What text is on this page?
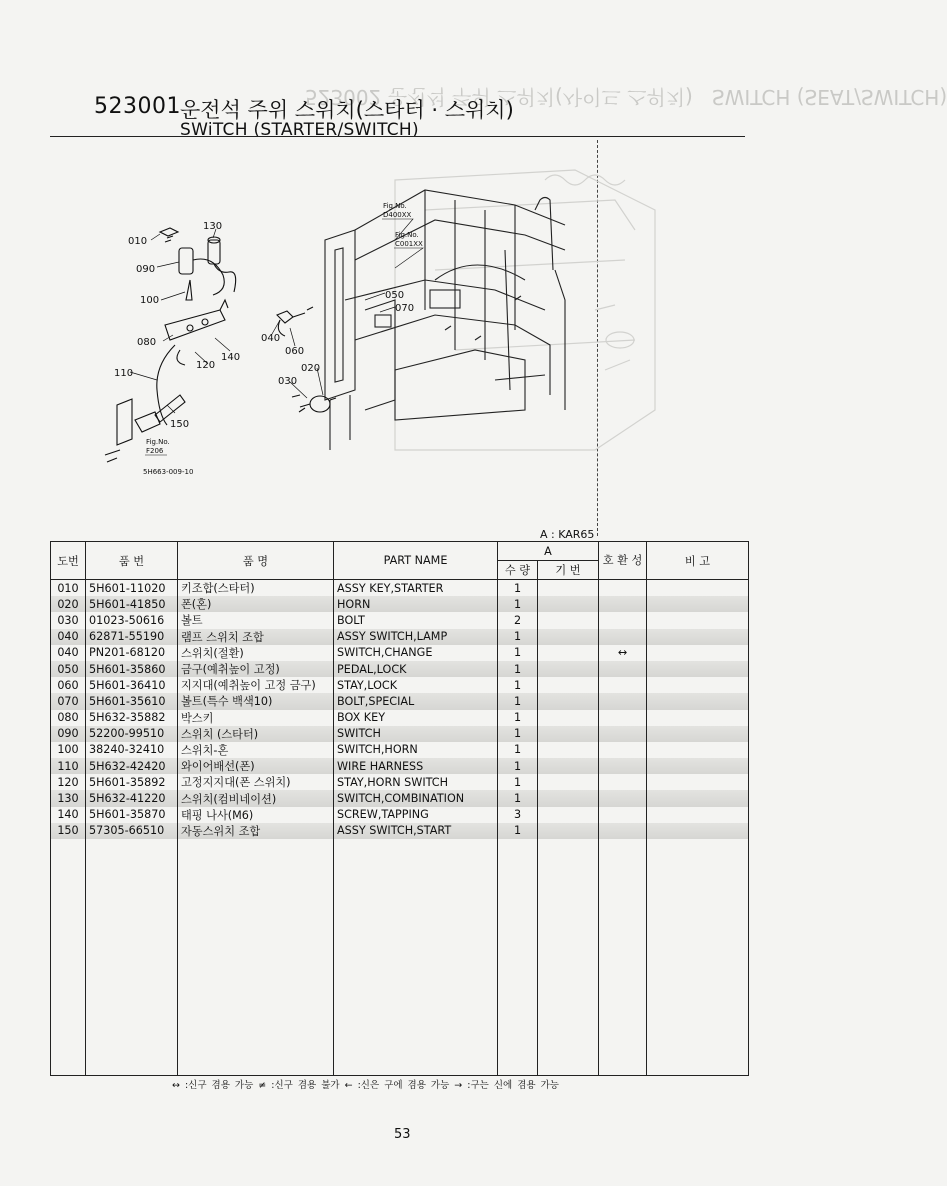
523002 운전석 주위 스위치(사이드 스위치)   SWITCH (SEAT/SWITCH)
523001 운전석 주위 스위치(스타터 · 스위치)
SWiTCH (STARTER/SWITCH)
010
130
090
100
080
140
120
110
150
050
070
040
060
020
030
Fig.No.
D400XX
Fig.No.
C001XX
Fig.No.
F206
5H663-009-10
A : KAR65
도번	품 번	품 명	PART NAME	A		호 환 성	비 고
				수 량	기 번		
010	5H601-11020	키조합(스타터)	ASSY KEY,STARTER	1			
020	5H601-41850	폰(혼)	HORN	1			
030	01023-50616	볼트	BOLT	2			
040	62871-55190	램프 스위치 조합	ASSY SWITCH,LAMP	1			
040	PN201-68120	스위치(절환)	SWITCH,CHANGE	1		↔	
050	5H601-35860	금구(예취높이 고정)	PEDAL,LOCK	1			
060	5H601-36410	지지대(예취높이 고정 금구)	STAY,LOCK	1			
070	5H601-35610	볼트(특수 백색10)	BOLT,SPECIAL	1			
080	5H632-35882	박스키	BOX KEY	1			
090	52200-99510	스위치 (스타터)	SWITCH	1			
100	38240-32410	스위치-혼	SWITCH,HORN	1			
110	5H632-42420	와이어배선(폰)	WIRE HARNESS	1			
120	5H601-35892	고정지지대(폰 스위치)	STAY,HORN SWITCH	1			
130	5H632-41220	스위치(컴비네이션)	SWITCH,COMBINATION	1			
140	5H601-35870	태핑 나사(M6)	SCREW,TAPPING	3			
150	57305-66510	자동스위치 조합	ASSY SWITCH,START	1			

↔ :신구 겸용 가능 ≠ :신구 겸용 불가 ← :신은 구에 겸용 가능 → :구는 신에 겸용 가능
53
